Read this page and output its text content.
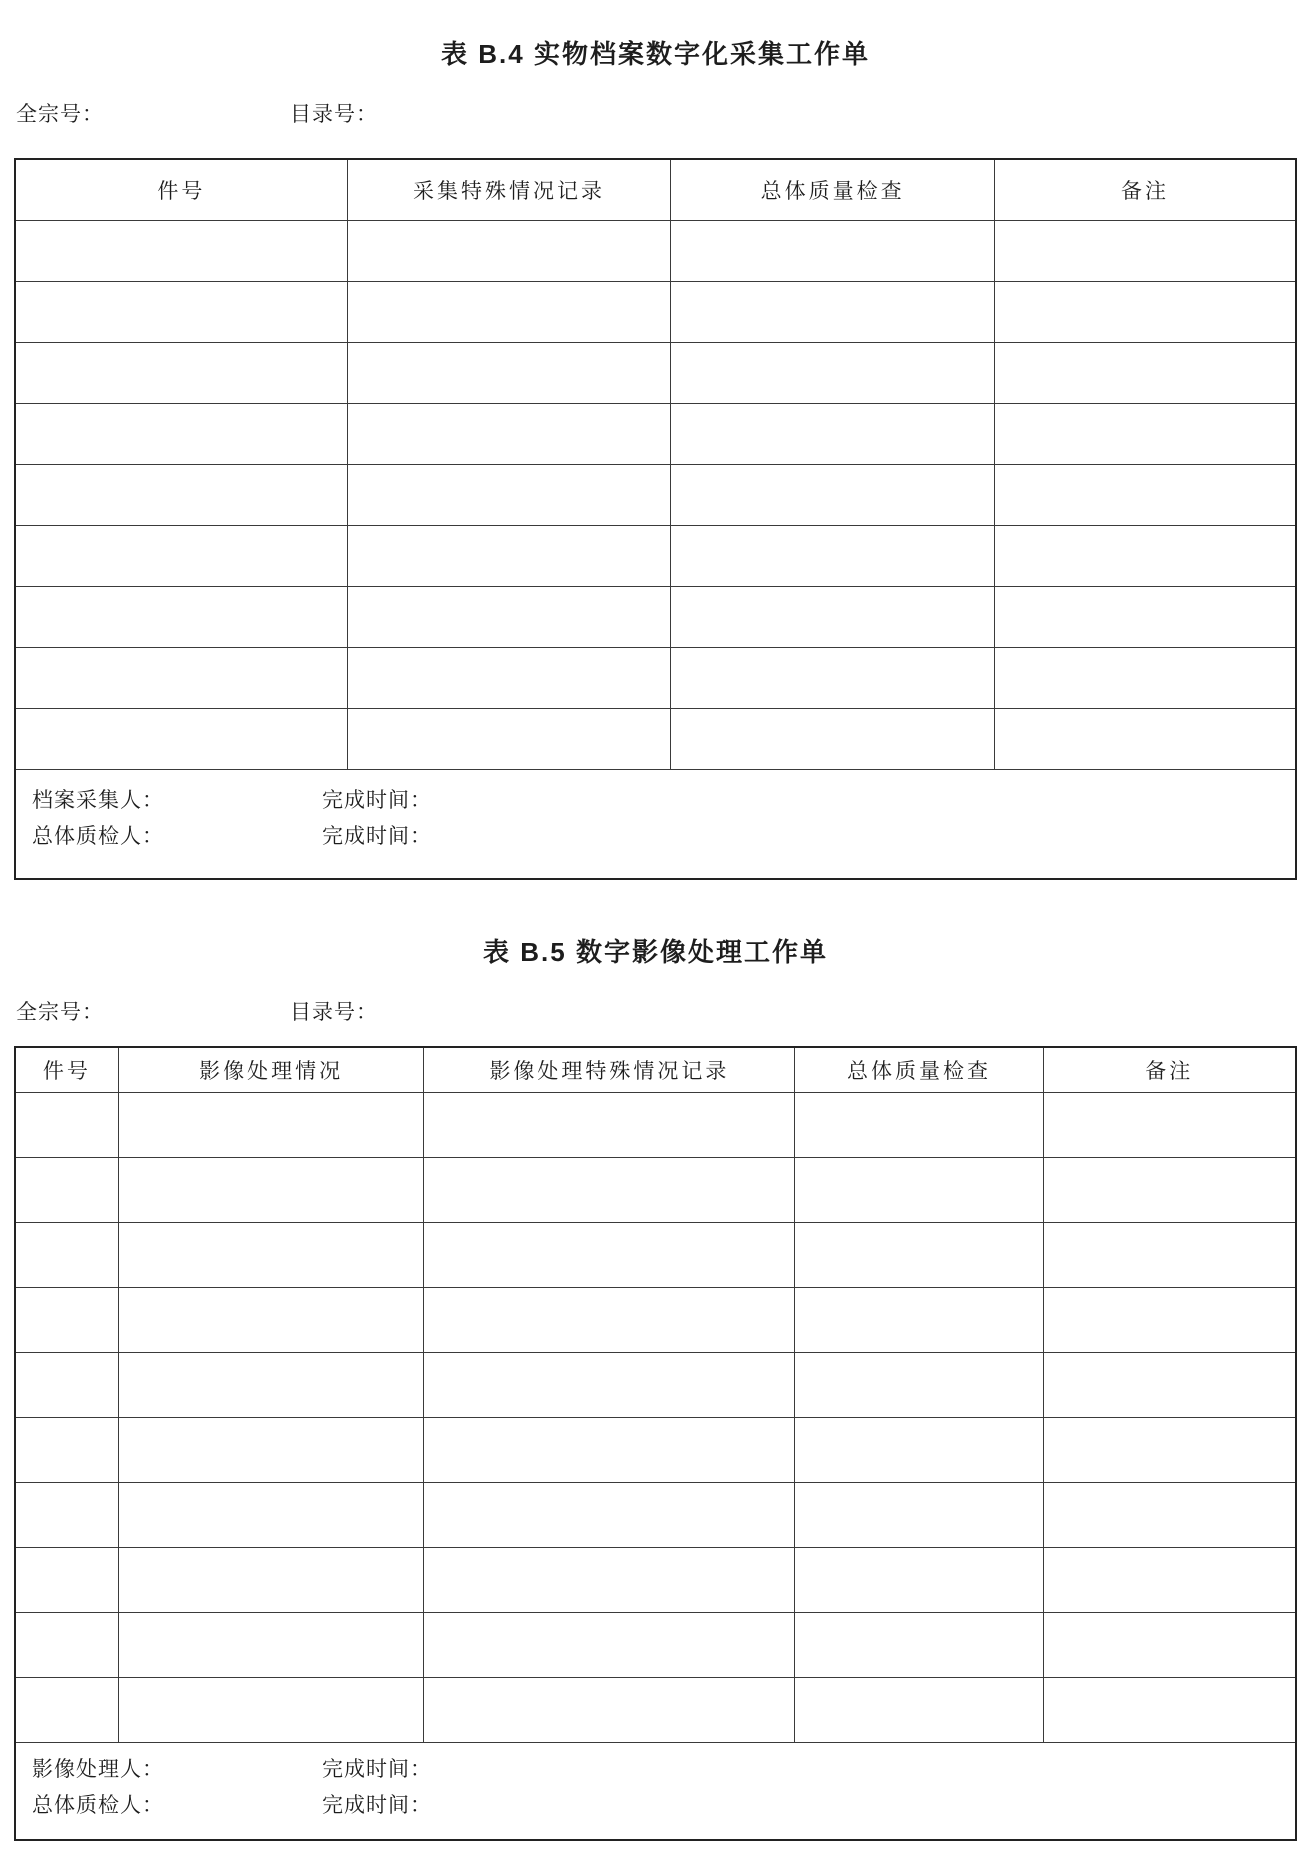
表 B.4 实物档案数字化采集工作单
全宗号：	目录号：
件号	采集特殊情况记录	总体质量检查	备注

档案采集人：	完成时间：
总体质检人：	完成时间：
表 B.5 数字影像处理工作单
全宗号：	目录号：
件号	影像处理情况	影像处理特殊情况记录	总体质量检查	备注

影像处理人：	完成时间：
总体质检人：	完成时间：
